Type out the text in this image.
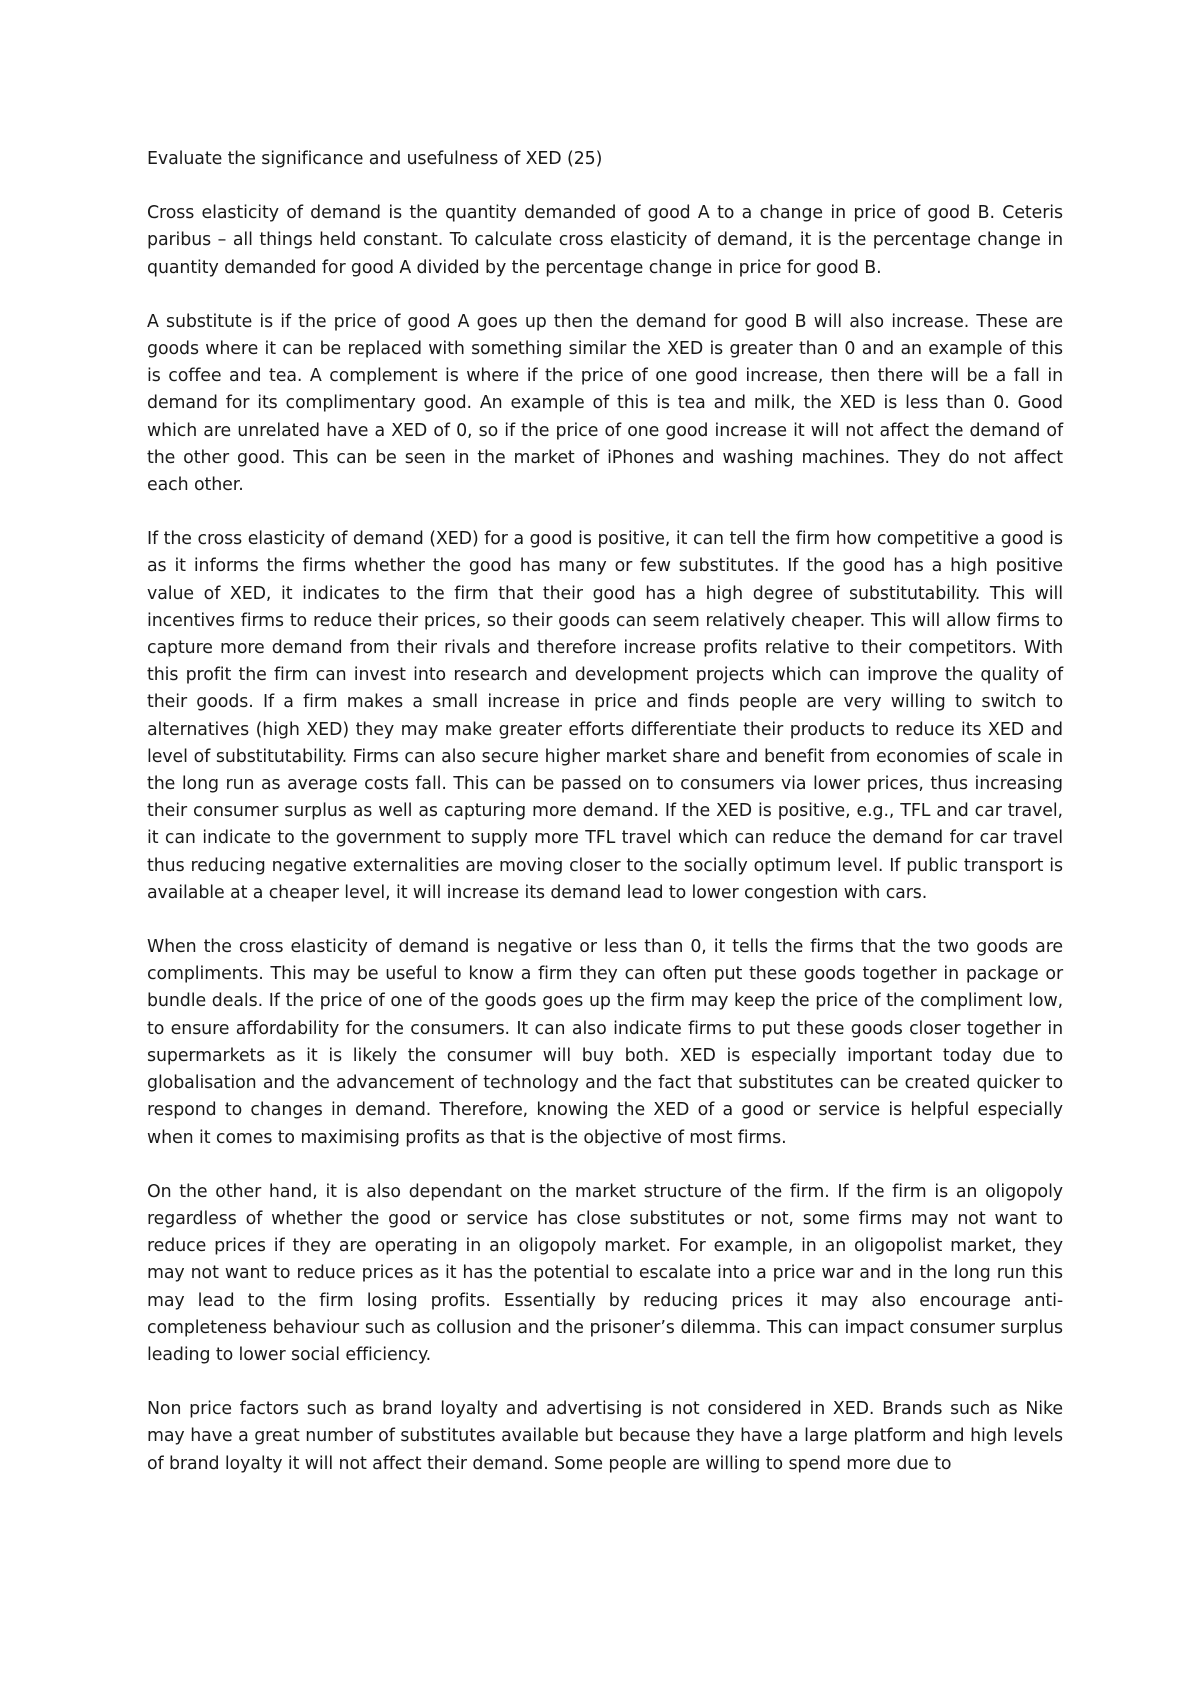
Evaluate the significance and usefulness of XED (25)

Cross elasticity of demand is the quantity demanded of good A to a change in price of good B. Ceteris paribus – all things held constant. To calculate cross elasticity of demand, it is the percentage change in quantity demanded for good A divided by the percentage change in price for good B.

A substitute is if the price of good A goes up then the demand for good B will also increase. These are goods where it can be replaced with something similar the XED is greater than 0 and an example of this is coffee and tea. A complement is where if the price of one good increase, then there will be a fall in demand for its complimentary good. An example of this is tea and milk, the XED is less than 0. Good which are unrelated have a XED of 0, so if the price of one good increase it will not affect the demand of the other good. This can be seen in the market of iPhones and washing machines. They do not affect each other.

If the cross elasticity of demand (XED) for a good is positive, it can tell the firm how competitive a good is as it informs the firms whether the good has many or few substitutes. If the good has a high positive value of XED, it indicates to the firm that their good has a high degree of substitutability. This will incentives firms to reduce their prices, so their goods can seem relatively cheaper. This will allow firms to capture more demand from their rivals and therefore increase profits relative to their competitors. With this profit the firm can invest into research and development projects which can improve the quality of their goods. If a firm makes a small increase in price and finds people are very willing to switch to alternatives (high XED) they may make greater efforts differentiate their products to reduce its XED and level of substitutability. Firms can also secure higher market share and benefit from economies of scale in the long run as average costs fall. This can be passed on to consumers via lower prices, thus increasing their consumer surplus as well as capturing more demand. If the XED is positive, e.g., TFL and car travel, it can indicate to the government to supply more TFL travel which can reduce the demand for car travel thus reducing negative externalities are moving closer to the socially optimum level. If public transport is available at a cheaper level, it will increase its demand lead to lower congestion with cars.

When the cross elasticity of demand is negative or less than 0, it tells the firms that the two goods are compliments. This may be useful to know a firm they can often put these goods together in package or bundle deals. If the price of one of the goods goes up the firm may keep the price of the compliment low, to ensure affordability for the consumers. It can also indicate firms to put these goods closer together in supermarkets as it is likely the consumer will buy both. XED is especially important today due to globalisation and the advancement of technology and the fact that substitutes can be created quicker to respond to changes in demand. Therefore, knowing the XED of a good or service is helpful especially when it comes to maximising profits as that is the objective of most firms.

On the other hand, it is also dependant on the market structure of the firm. If the firm is an oligopoly regardless of whether the good or service has close substitutes or not, some firms may not want to reduce prices if they are operating in an oligopoly market. For example, in an oligopolist market, they may not want to reduce prices as it has the potential to escalate into a price war and in the long run this may lead to the firm losing profits. Essentially by reducing prices it may also encourage anti-completeness behaviour such as collusion and the prisoner’s dilemma. This can impact consumer surplus leading to lower social efficiency.

Non price factors such as brand loyalty and advertising is not considered in XED. Brands such as Nike may have a great number of substitutes available but because they have a large platform and high levels of brand loyalty it will not affect their demand. Some people are willing to spend more due to
